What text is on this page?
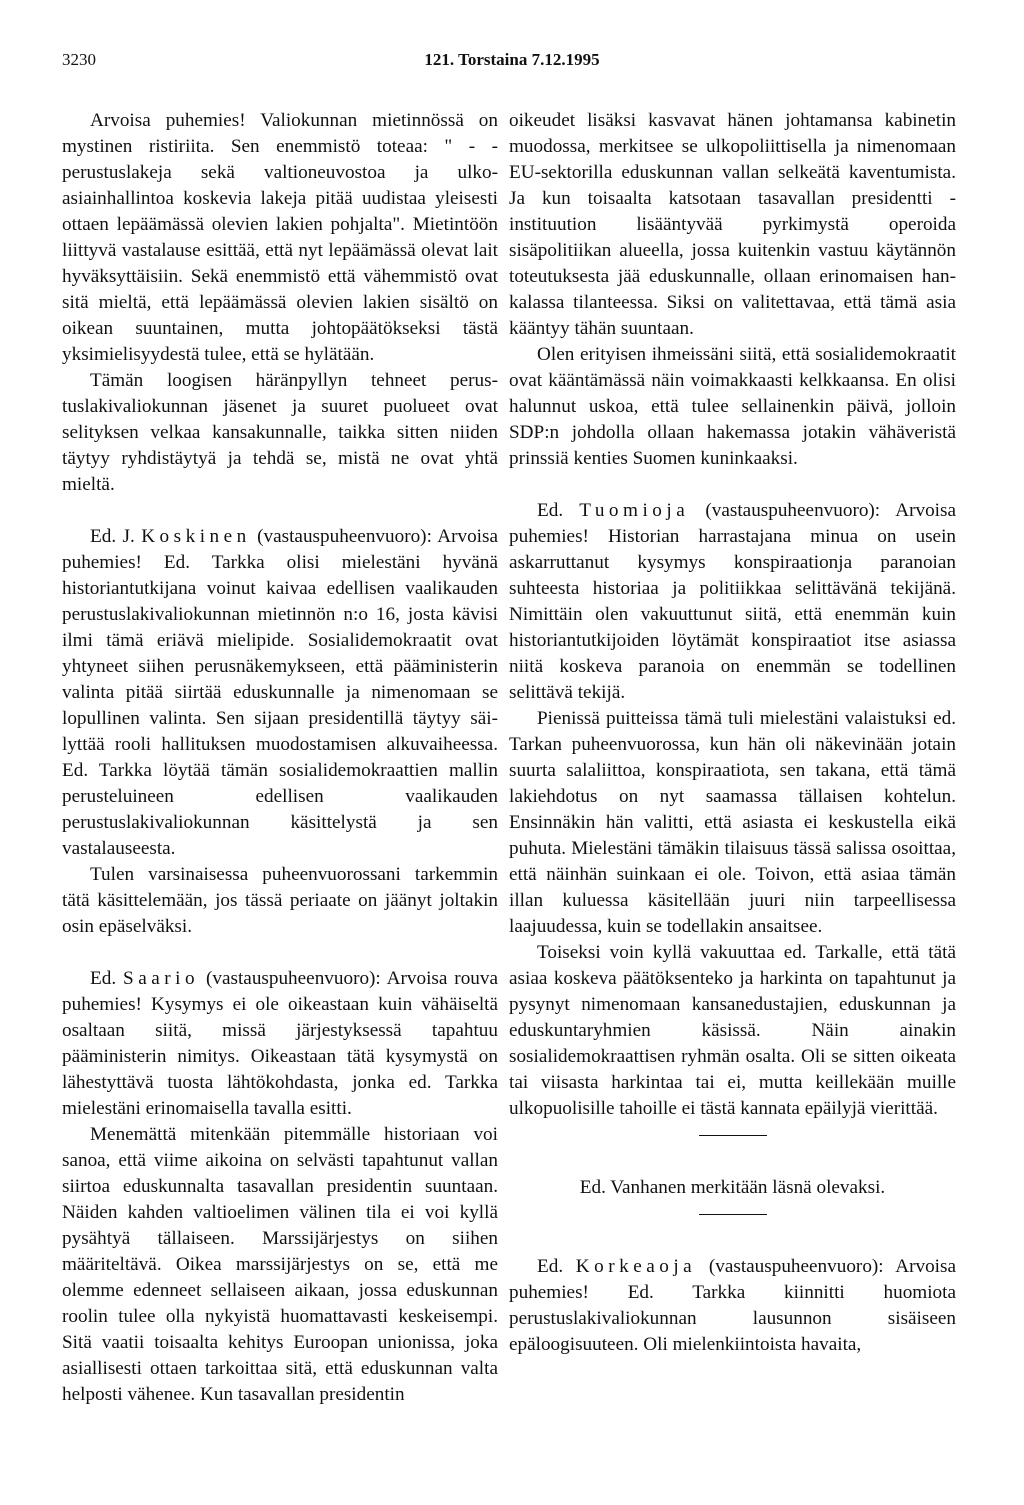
3230	121. Torstaina 7.12.1995

Arvoisa puhemies! Valiokunnan mietinnössä on mystinen ristiriita. Sen enemmistö toteaa: " - - perustuslakeja sekä valtioneuvostoa ja ulkoasiainhallintoa koskevia lakeja pitää uudistaa yleisesti ottaen lepäämässä olevien lakien pohjalta". Mietintöön liittyvä vastalause esittää, että nyt lepäämässä olevat lait hyväksyttäisiin. Sekä enemmistö että vähemmistö ovat sitä mieltä, että lepäämässä olevien lakien sisältö on oikean suuntainen, mutta johtopäätökseksi tästä yksimielisyydestä tulee, että se hylätään.

Tämän loogisen häränpyllyn tehneet perustuslakivaliokunnan jäsenet ja suuret puolueet ovat selityksen velkaa kansakunnalle, taikka sitten niiden täytyy ryhdistäytyä ja tehdä se, mistä ne ovat yhtä mieltä.

Ed. J. Koskinen (vastauspuheenvuoro): Arvoisa puhemies! Ed. Tarkka olisi mielestäni hyvänä historiantutkijana voinut kaivaa edellisen vaalikauden perustuslakivaliokunnan mietinnön n:o 16, josta kävisi ilmi tämä eriävä mielipide. Sosialidemokraatit ovat yhtyneet siihen perusnäkemykseen, että pääministerin valinta pitää siirtää eduskunnalle ja nimenomaan se lopullinen valinta. Sen sijaan presidentillä täytyy säilyttää rooli hallituksen muodostamisen alkuvaiheessa. Ed. Tarkka löytää tämän sosialidemokraattien mallin perusteluineen edellisen vaalikauden perustuslakivaliokunnan käsittelystä ja sen vastalauseesta.

Tulen varsinaisessa puheenvuorossani tarkemmin tätä käsittelemään, jos tässä periaate on jäänyt joltakin osin epäselväksi.

Ed. Saario (vastauspuheenvuoro): Arvoisa rouva puhemies! Kysymys ei ole oikeastaan kuin vähäiseltä osaltaan siitä, missä järjestyksessä tapahtuu pääministerin nimitys. Oikeastaan tätä kysymystä on lähestyttävä tuosta lähtökohdasta, jonka ed. Tarkka mielestäni erinomaisella tavalla esitti.

Menemättä mitenkään pitemmälle historiaan voi sanoa, että viime aikoina on selvästi tapahtunut vallan siirtoa eduskunnalta tasavallan presidentin suuntaan. Näiden kahden valtioelimen välinen tila ei voi kyllä pysähtyä tällaiseen. Marssijärjestys on siihen määriteltävä. Oikea marssijärjestys on se, että me olemme edenneet sellaiseen aikaan, jossa eduskunnan roolin tulee olla nykyistä huomattavasti keskeisempi. Sitä vaatii toisaalta kehitys Euroopan unionissa, joka asiallisesti ottaen tarkoittaa sitä, että eduskunnan valta helposti vähenee. Kun tasavallan presidentin

oikeudet lisäksi kasvavat hänen johtamansa kabinetin muodossa, merkitsee se ulkopoliittisella ja nimenomaan EU-sektorilla eduskunnan vallan selkeätä kaventumista. Ja kun toisaalta katsotaan tasavallan presidentti -instituution lisääntyvää pyrkimystä operoida sisäpolitiikan alueella, jossa kuitenkin vastuu käytännön toteutuksesta jää eduskunnalle, ollaan erinomaisen hankalassa tilanteessa. Siksi on valitettavaa, että tämä asia kääntyy tähän suuntaan.

Olen erityisen ihmeissäni siitä, että sosialidemokraatit ovat kääntämässä näin voimakkaasti kelkkaansa. En olisi halunnut uskoa, että tulee sellainenkin päivä, jolloin SDP:n johdolla ollaan hakemassa jotakin vähäveristä prinssiä kenties Suomen kuninkaaksi.

Ed. Tuomioja (vastauspuheenvuoro): Arvoisa puhemies! Historian harrastajana minua on usein askarruttanut kysymys konspiraationja paranoian suhteesta historiaa ja politiikkaa selittävänä tekijänä. Nimittäin olen vakuuttunut siitä, että enemmän kuin historiantutkijoiden löytämät konspiraatiot itse asiassa niitä koskeva paranoia on enemmän se todellinen selittävä tekijä.

Pienissä puitteissa tämä tuli mielestäni valaistuksi ed. Tarkan puheenvuorossa, kun hän oli näkevinään jotain suurta salaliittoa, konspiraatiota, sen takana, että tämä lakiehdotus on nyt saamassa tällaisen kohtelun. Ensinnäkin hän valitti, että asiasta ei keskustella eikä puhuta. Mielestäni tämäkin tilaisuus tässä salissa osoittaa, että näinhän suinkaan ei ole. Toivon, että asiaa tämän illan kuluessa käsitellään juuri niin tarpeellisessa laajuudessa, kuin se todellakin ansaitsee.

Toiseksi voin kyllä vakuuttaa ed. Tarkalle, että tätä asiaa koskeva päätöksenteko ja harkinta on tapahtunut ja pysynyt nimenomaan kansanedustajien, eduskunnan ja eduskuntaryhmien käsissä. Näin ainakin sosialidemokraattisen ryhmän osalta. Oli se sitten oikeata tai viisasta harkintaa tai ei, mutta keillekään muille ulkopuolisille tahoille ei tästä kannata epäilyjä vierittää.

Ed. Vanhanen merkitään läsnä olevaksi.

Ed. Korkeaoja (vastauspuheenvuoro): Arvoisa puhemies! Ed. Tarkka kiinnitti huomiota perustuslakivaliokunnan lausunnon sisäiseen epäloogisuuteen. Oli mielenkiintoista havaita,
